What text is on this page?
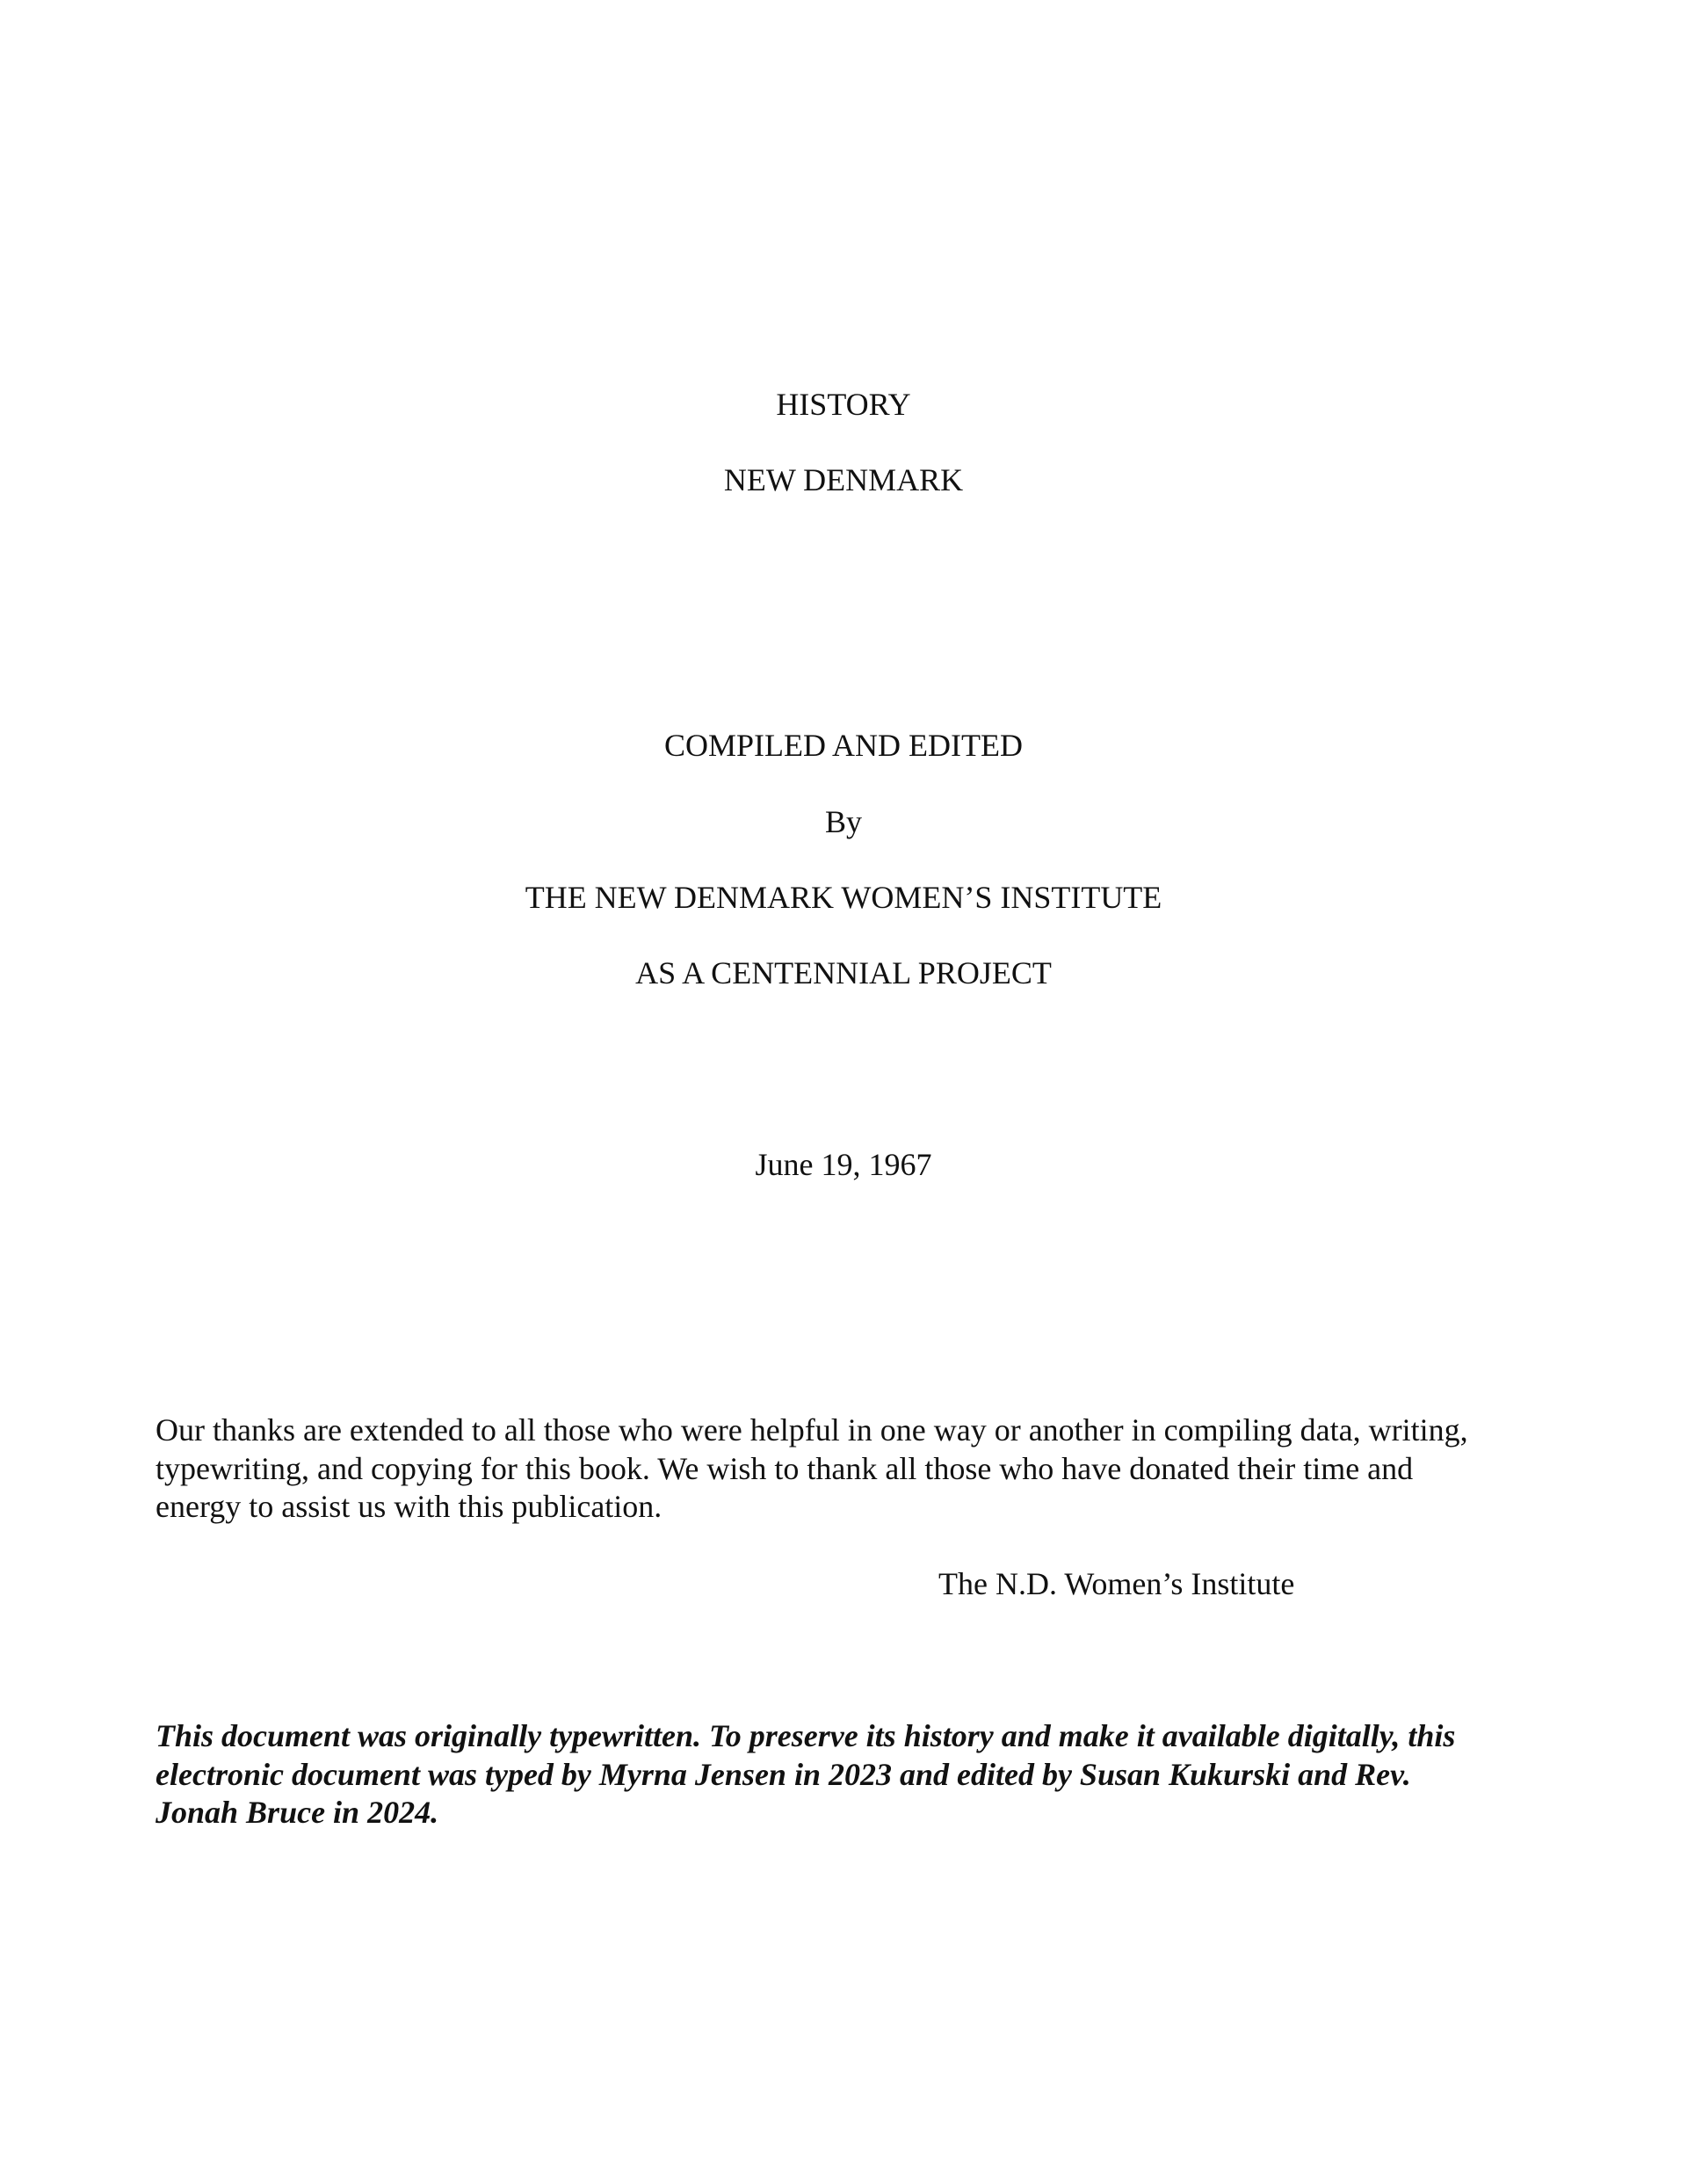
HISTORY
NEW DENMARK
COMPILED AND EDITED
By
THE NEW DENMARK WOMEN’S INSTITUTE
AS A CENTENNIAL PROJECT
June 19, 1967
Our thanks are extended to all those who were helpful in one way or another in compiling data, writing,
typewriting, and copying for this book. We wish to thank all those who have donated their time and
energy to assist us with this publication.
The N.D. Women’s Institute
This document was originally typewritten. To preserve its history and make it available digitally, this
electronic document was typed by Myrna Jensen in 2023 and edited by Susan Kukurski and Rev.
Jonah Bruce in 2024.
